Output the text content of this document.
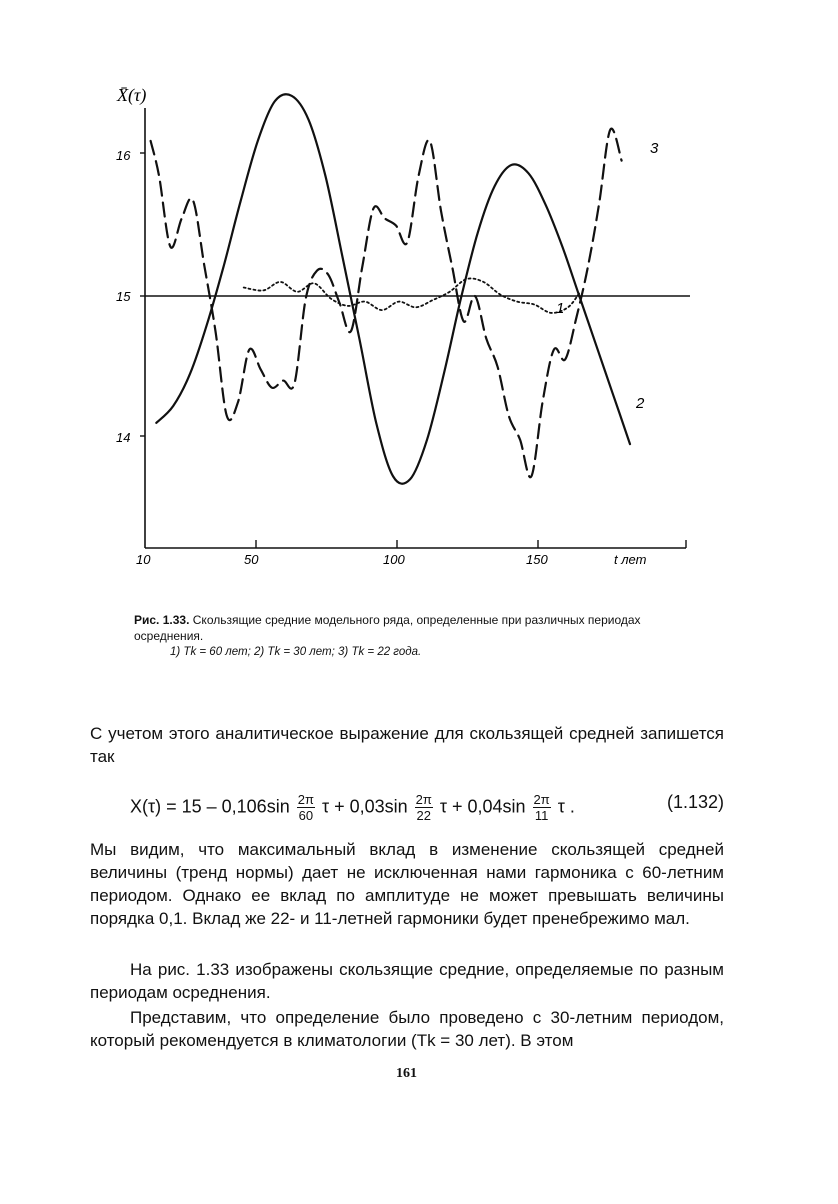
X̄(τ)
16
15
14
10	50	100	150	t лет
1
2
3
Рис. 1.33. Скользящие средние модельного ряда, определенные при различных периодах осреднения.
1) Tk = 60 лет; 2) Tk = 30 лет; 3) Tk = 22 года.
С учетом этого аналитическое выражение для скользящей средней запишется так
$X(\tau) = 15 - 0,106\sin \frac{2\pi}{60}$ $\tau + 0,03\sin \frac{2\pi}{22}$ $\tau + 0,04\sin \frac{2\pi}{11}$ τ .	(1.132)
Мы видим, что максимальный вклад в изменение скользящей средней величины (тренд нормы) дает не исключенная нами гармоника с 60-летним периодом. Однако ее вклад по амплитуде не может превышать величины порядка 0,1. Вклад же 22- и 11-летней гармоники будет пренебрежимо мал.
На рис. 1.33 изображены скользящие средние, определяемые по разным периодам осреднения.
Представим, что определение было проведено с 30-летним периодом, который рекомендуется в климатологии (Tk = 30 лет). В этом
161
